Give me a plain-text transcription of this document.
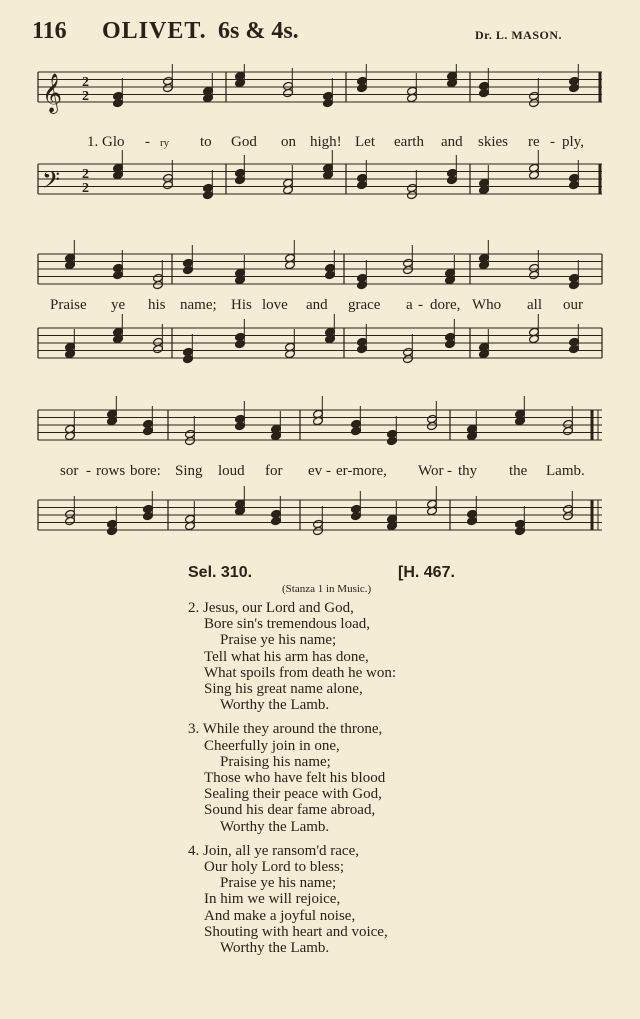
116 OLIVET. 6s & 4s.	Dr. L. MASON.
𝄞
𝄢
2
2
2
2
1. Glo - ry to God on high! Let earth and skies re - ply,
Praise ye his name; His love and grace a - dore, Who all our
sor - rows bore: Sing loud for ev - er-more, Wor - thy the Lamb.
Sel. 310.	[H. 467.
(Stanza 1 in Music.)
2. Jesus, our Lord and God,
Bore sin's tremendous load,
Praise ye his name;
Tell what his arm has done,
What spoils from death he won:
Sing his great name alone,
Worthy the Lamb.
3. While they around the throne,
Cheerfully join in one,
Praising his name;
Those who have felt his blood
Sealing their peace with God,
Sound his dear fame abroad,
Worthy the Lamb.
4. Join, all ye ransom'd race,
Our holy Lord to bless;
Praise ye his name;
In him we will rejoice,
And make a joyful noise,
Shouting with heart and voice,
Worthy the Lamb.
